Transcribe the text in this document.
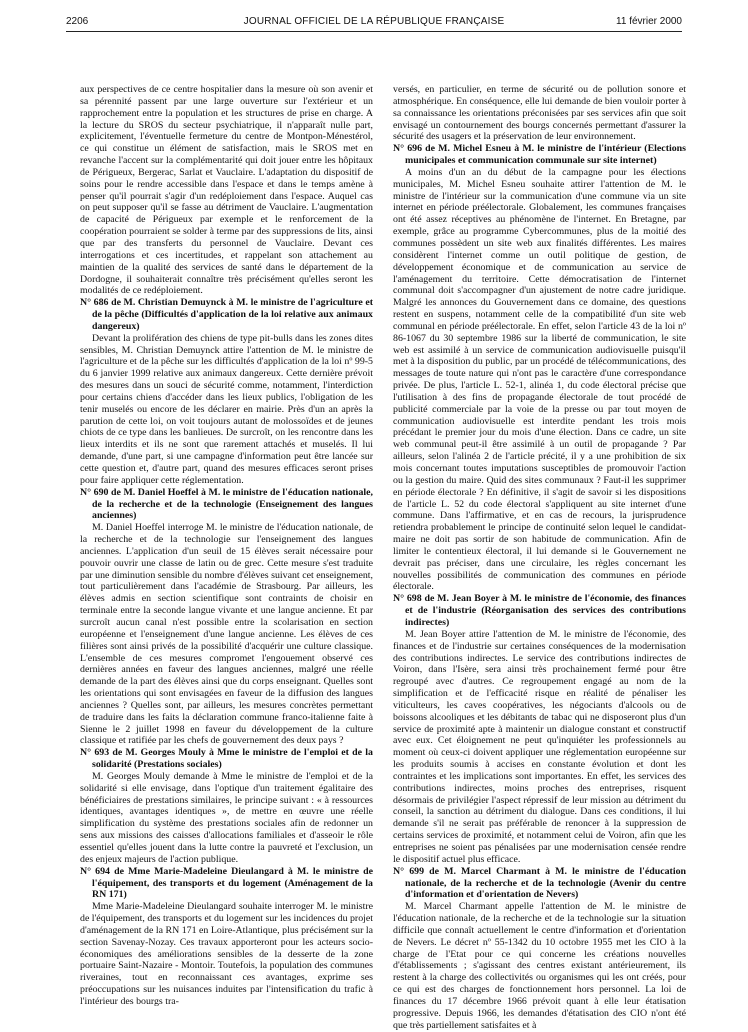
2206	JOURNAL OFFICIEL DE LA RÉPUBLIQUE FRANÇAISE	11 février 2000

aux perspectives de ce centre hospitalier dans la mesure où son avenir et sa pérennité passent par une large ouverture sur l'extérieur et un rapprochement entre la population et les structures de prise en charge. A la lecture du SROS du secteur psychiatrique, il n'apparaît nulle part, explicitement, l'éventuelle fermeture du centre de Montpon-Ménestérol, ce qui constitue un élément de satisfaction, mais le SROS met en revanche l'accent sur la complémentarité qui doit jouer entre les hôpitaux de Périgueux, Bergerac, Sarlat et Vauclaire. L'adaptation du dispositif de soins pour le rendre accessible dans l'espace et dans le temps amène à penser qu'il pourrait s'agir d'un redéploiement dans l'espace. Auquel cas on peut supposer qu'il se fasse au détriment de Vauclaire. L'augmentation de capacité de Périgueux par exemple et le renforcement de la coopération pourraient se solder à terme par des suppressions de lits, ainsi que par des transferts du personnel de Vauclaire. Devant ces interrogations et ces incertitudes, et rappelant son attachement au maintien de la qualité des services de santé dans le département de la Dordogne, il souhaiterait connaître très précisément qu'elles seront les modalités de ce redéploiement.

N° 686 de M. Christian Demuynck à M. le ministre de l'agriculture et de la pêche (Difficultés d'application de la loi relative aux animaux dangereux)

Devant la prolifération des chiens de type pit-bulls dans les zones dites sensibles, M. Christian Demuynck attire l'attention de M. le ministre de l'agriculture et de la pêche sur les difficultés d'application de la loi nº 99-5 du 6 janvier 1999 relative aux animaux dangereux. Cette dernière prévoit des mesures dans un souci de sécurité comme, notamment, l'interdiction pour certains chiens d'accéder dans les lieux publics, l'obligation de les tenir muselés ou encore de les déclarer en mairie. Près d'un an après la parution de cette loi, on voit toujours autant de molossoïdes et de jeunes chiots de ce type dans les banlieues. De surcroît, on les rencontre dans les lieux interdits et ils ne sont que rarement attachés et muselés. Il lui demande, d'une part, si une campagne d'information peut être lancée sur cette question et, d'autre part, quand des mesures efficaces seront prises pour faire appliquer cette réglementation.

N° 690 de M. Daniel Hoeffel à M. le ministre de l'éducation nationale, de la recherche et de la technologie (Enseignement des langues anciennes)

M. Daniel Hoeffel interroge M. le ministre de l'éducation nationale, de la recherche et de la technologie sur l'enseignement des langues anciennes. L'application d'un seuil de 15 élèves serait nécessaire pour pouvoir ouvrir une classe de latin ou de grec. Cette mesure s'est traduite par une diminution sensible du nombre d'élèves suivant cet enseignement, tout particulièrement dans l'académie de Strasbourg. Par ailleurs, les élèves admis en section scientifique sont contraints de choisir en terminale entre la seconde langue vivante et une langue ancienne. Et par surcroît aucun canal n'est possible entre la scolarisation en section européenne et l'enseignement d'une langue ancienne. Les élèves de ces filières sont ainsi privés de la possibilité d'acquérir une culture classique. L'ensemble de ces mesures compromet l'engouement observé ces dernières années en faveur des langues anciennes, malgré une réelle demande de la part des élèves ainsi que du corps enseignant. Quelles sont les orientations qui sont envisagées en faveur de la diffusion des langues anciennes ? Quelles sont, par ailleurs, les mesures concrètes permettant de traduire dans les faits la déclaration commune franco-italienne faite à Sienne le 2 juillet 1998 en faveur du développement de la culture classique et ratifiée par les chefs de gouvernement des deux pays ?

N° 693 de M. Georges Mouly à Mme le ministre de l'emploi et de la solidarité (Prestations sociales)

M. Georges Mouly demande à Mme le ministre de l'emploi et de la solidarité si elle envisage, dans l'optique d'un traitement égalitaire des bénéficiaires de prestations similaires, le principe suivant : « à ressources identiques, avantages identiques », de mettre en œuvre une réelle simplification du système des prestations sociales afin de redonner un sens aux missions des caisses d'allocations familiales et d'asseoir le rôle essentiel qu'elles jouent dans la lutte contre la pauvreté et l'exclusion, un des enjeux majeurs de l'action publique.

N° 694 de Mme Marie-Madeleine Dieulangard à M. le ministre de l'équipement, des transports et du logement (Aménagement de la RN 171)

Mme Marie-Madeleine Dieulangard souhaite interroger M. le ministre de l'équipement, des transports et du logement sur les incidences du projet d'aménagement de la RN 171 en Loire-Atlantique, plus précisément sur la section Savenay-Nozay. Ces travaux apporteront pour les acteurs socio-économiques des améliorations sensibles de la desserte de la zone portuaire Saint-Nazaire - Montoir. Toutefois, la population des communes riveraines, tout en reconnaissant ces avantages, exprime ses préoccupations sur les nuisances induites par l'intensification du trafic à l'intérieur des bourgs tra-

versés, en particulier, en terme de sécurité ou de pollution sonore et atmosphérique. En conséquence, elle lui demande de bien vouloir porter à sa connaissance les orientations préconisées par ses services afin que soit envisagé un contournement des bourgs concernés permettant d'assurer la sécurité des usagers et la préservation de leur environnement.

N° 696 de M. Michel Esneu à M. le ministre de l'intérieur (Elections municipales et communication communale sur site internet)

A moins d'un an du début de la campagne pour les élections municipales, M. Michel Esneu souhaite attirer l'attention de M. le ministre de l'intérieur sur la communication d'une commune via un site internet en période préélectorale. Globalement, les communes françaises ont été assez réceptives au phénomène de l'internet. En Bretagne, par exemple, grâce au programme Cybercommunes, plus de la moitié des communes possèdent un site web aux finalités différentes. Les maires considèrent l'internet comme un outil politique de gestion, de développement économique et de communication au service de l'aménagement du territoire. Cette démocratisation de l'internet communal doit s'accompagner d'un ajustement de notre cadre juridique. Malgré les annonces du Gouvernement dans ce domaine, des questions restent en suspens, notamment celle de la compatibilité d'un site web communal en période préélectorale. En effet, selon l'article 43 de la loi nº 86-1067 du 30 septembre 1986 sur la liberté de communication, le site web est assimilé à un service de communication audiovisuelle puisqu'il met à la disposition du public, par un procédé de télécommunications, des messages de toute nature qui n'ont pas le caractère d'une correspondance privée. De plus, l'article L. 52-1, alinéa 1, du code électoral précise que l'utilisation à des fins de propagande électorale de tout procédé de publicité commerciale par la voie de la presse ou par tout moyen de communication audiovisuelle est interdite pendant les trois mois précédant le premier jour du mois d'une élection. Dans ce cadre, un site web communal peut-il être assimilé à un outil de propagande ? Par ailleurs, selon l'alinéa 2 de l'article précité, il y a une prohibition de six mois concernant toutes imputations susceptibles de promouvoir l'action ou la gestion du maire. Quid des sites communaux ? Faut-il les supprimer en période électorale ? En définitive, il s'agit de savoir si les dispositions de l'article L. 52 du code électoral s'appliquent au site internet d'une commune. Dans l'affirmative, et en cas de recours, la jurisprudence retiendra probablement le principe de continuité selon lequel le candidat-maire ne doit pas sortir de son habitude de communication. Afin de limiter le contentieux électoral, il lui demande si le Gouvernement ne devrait pas préciser, dans une circulaire, les règles concernant les nouvelles possibilités de communication des communes en période électorale.

N° 698 de M. Jean Boyer à M. le ministre de l'économie, des finances et de l'industrie (Réorganisation des services des contributions indirectes)

M. Jean Boyer attire l'attention de M. le ministre de l'économie, des finances et de l'industrie sur certaines conséquences de la modernisation des contributions indirectes. Le service des contributions indirectes de Voiron, dans l'Isère, sera ainsi très prochainement fermé pour être regroupé avec d'autres. Ce regroupement engagé au nom de la simplification et de l'efficacité risque en réalité de pénaliser les viticulteurs, les caves coopératives, les négociants d'alcools ou de boissons alcooliques et les débitants de tabac qui ne disposeront plus d'un service de proximité apte à maintenir un dialogue constant et constructif avec eux. Cet éloignement ne peut qu'inquiéter les professionnels au moment où ceux-ci doivent appliquer une réglementation européenne sur les produits soumis à accises en constante évolution et dont les contraintes et les implications sont importantes. En effet, les services des contributions indirectes, moins proches des entreprises, risquent désormais de privilégier l'aspect répressif de leur mission au détriment du conseil, la sanction au détriment du dialogue. Dans ces conditions, il lui demande s'il ne serait pas préférable de renoncer à la suppression de certains services de proximité, et notamment celui de Voiron, afin que les entreprises ne soient pas pénalisées par une modernisation censée rendre le dispositif actuel plus efficace.

N° 699 de M. Marcel Charmant à M. le ministre de l'éducation nationale, de la recherche et de la technologie (Avenir du centre d'information et d'orientation de Nevers)

M. Marcel Charmant appelle l'attention de M. le ministre de l'éducation nationale, de la recherche et de la technologie sur la situation difficile que connaît actuellement le centre d'information et d'orientation de Nevers. Le décret nº 55-1342 du 10 octobre 1955 met les CIO à la charge de l'Etat pour ce qui concerne les créations nouvelles d'établissements ; s'agissant des centres existant antérieurement, ils restent à la charge des collectivités ou organismes qui les ont créés, pour ce qui est des charges de fonctionnement hors personnel. La loi de finances du 17 décembre 1966 prévoit quant à elle leur étatisation progressive. Depuis 1966, les demandes d'étatisation des CIO n'ont été que très partiellement satisfaites et à
